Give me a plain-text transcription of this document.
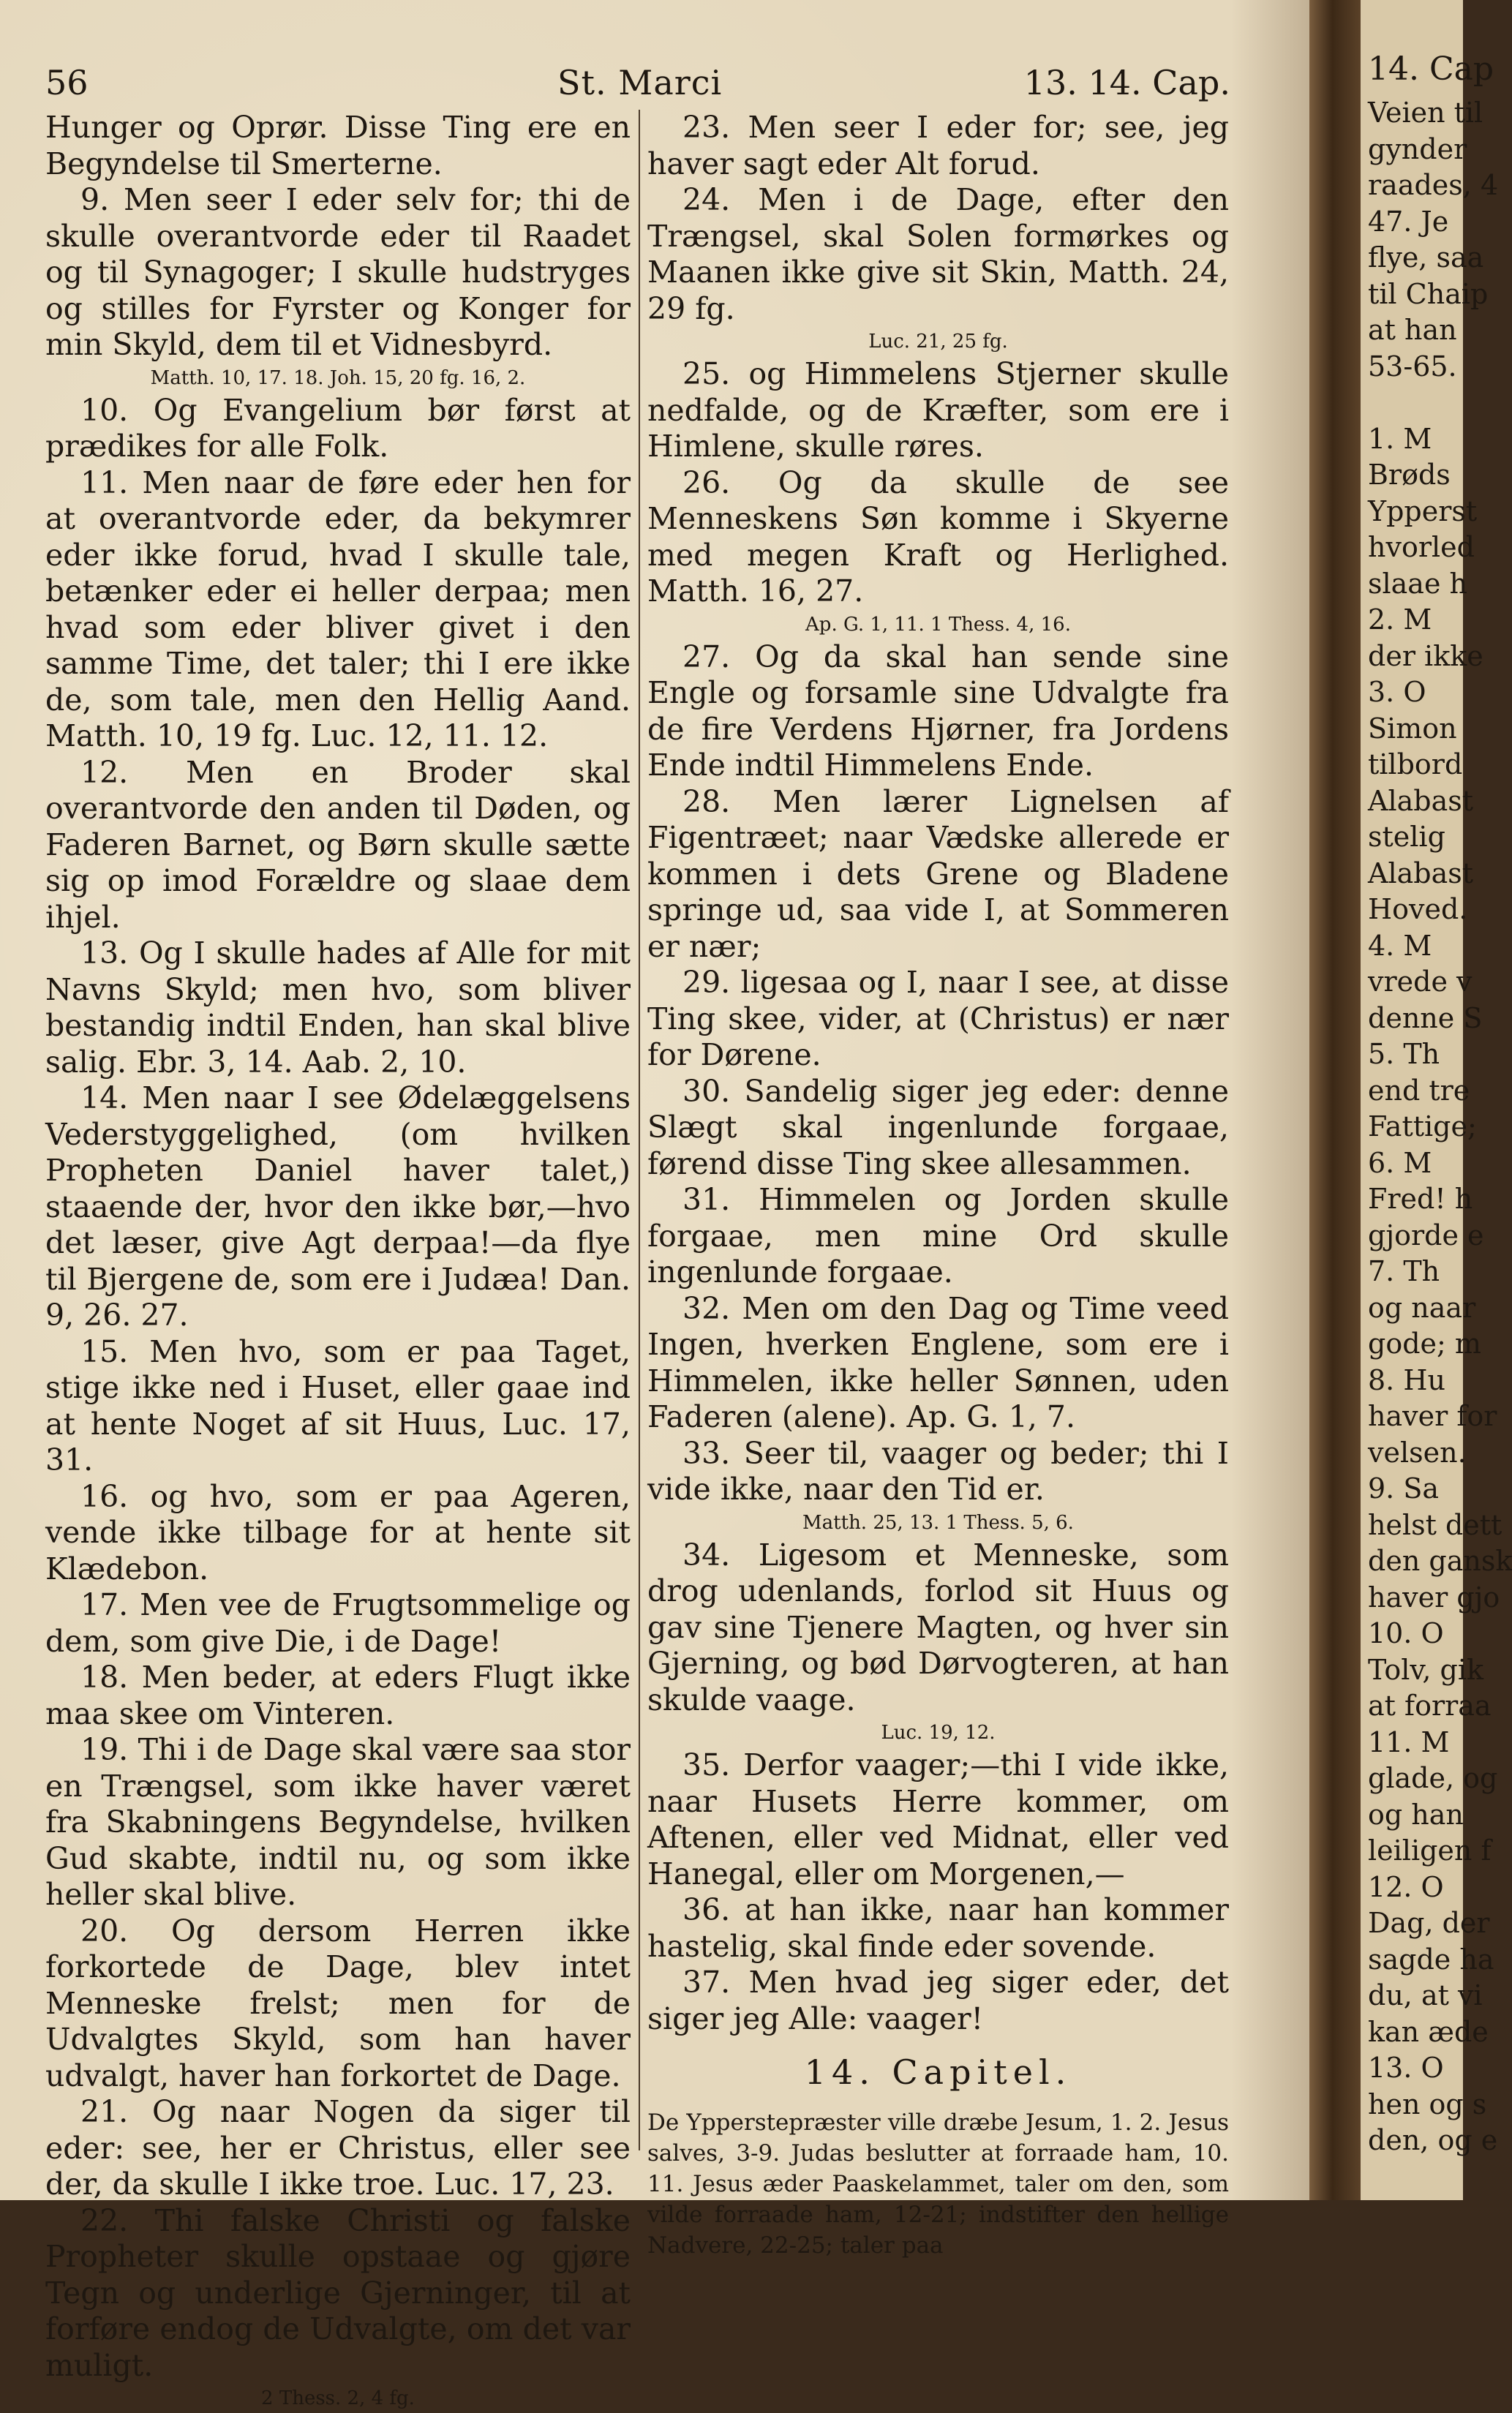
56	St. Marci	13. 14. Cap.

Hunger og Oprør. Disse Ting ere en Begyndelse til Smerterne.

9. Men seer I eder selv for; thi de skulle overantvorde eder til Raadet og til Synagoger; I skulle hudstryges og stilles for Fyrster og Konger for min Skyld, dem til et Vidnesbyrd.

Matth. 10, 17. 18. Joh. 15, 20 fg. 16, 2.

10. Og Evangelium bør først at prædikes for alle Folk.

11. Men naar de føre eder hen for at overantvorde eder, da bekymrer eder ikke forud, hvad I skulle tale, betænker eder ei heller derpaa; men hvad som eder bliver givet i den samme Time, det taler; thi I ere ikke de, som tale, men den Hellig Aand. Matth. 10, 19 fg. Luc. 12, 11. 12.

12. Men en Broder skal overantvorde den anden til Døden, og Faderen Barnet, og Børn skulle sætte sig op imod Forældre og slaae dem ihjel.

13. Og I skulle hades af Alle for mit Navns Skyld; men hvo, som bliver bestandig indtil Enden, han skal blive salig. Ebr. 3, 14. Aab. 2, 10.

14. Men naar I see Ødelæggelsens Vederstyggelighed, (om hvilken Propheten Daniel haver talet,) staaende der, hvor den ikke bør,—hvo det læser, give Agt derpaa!—da flye til Bjergene de, som ere i Judæa! Dan. 9, 26. 27.

15. Men hvo, som er paa Taget, stige ikke ned i Huset, eller gaae ind at hente Noget af sit Huus, Luc. 17, 31.

16. og hvo, som er paa Ageren, vende ikke tilbage for at hente sit Klædebon.

17. Men vee de Frugtsommelige og dem, som give Die, i de Dage!

18. Men beder, at eders Flugt ikke maa skee om Vinteren.

19. Thi i de Dage skal være saa stor en Trængsel, som ikke haver været fra Skabningens Begyndelse, hvilken Gud skabte, indtil nu, og som ikke heller skal blive.

20. Og dersom Herren ikke forkortede de Dage, blev intet Menneske frelst; men for de Udvalgtes Skyld, som han haver udvalgt, haver han forkortet de Dage.

21. Og naar Nogen da siger til eder: see, her er Christus, eller see der, da skulle I ikke troe. Luc. 17, 23.

22. Thi falske Christi og falske Propheter skulle opstaae og gjøre Tegn og underlige Gjerninger, til at forføre endog de Udvalgte, om det var muligt.

2 Thess. 2, 4 fg.

23. Men seer I eder for; see, jeg haver sagt eder Alt forud.

24. Men i de Dage, efter den Trængsel, skal Solen formørkes og Maanen ikke give sit Skin, Matth. 24, 29 fg.

Luc. 21, 25 fg.

25. og Himmelens Stjerner skulle nedfalde, og de Kræfter, som ere i Himlene, skulle røres.

26. Og da skulle de see Menneskens Søn komme i Skyerne med megen Kraft og Herlighed. Matth. 16, 27.

Ap. G. 1, 11. 1 Thess. 4, 16.

27. Og da skal han sende sine Engle og forsamle sine Udvalgte fra de fire Verdens Hjørner, fra Jordens Ende indtil Himmelens Ende.

28. Men lærer Lignelsen af Figentræet; naar Vædske allerede er kommen i dets Grene og Bladene springe ud, saa vide I, at Sommeren er nær;

29. ligesaa og I, naar I see, at disse Ting skee, vider, at (Christus) er nær for Dørene.

30. Sandelig siger jeg eder: denne Slægt skal ingenlunde forgaae, førend disse Ting skee allesammen.

31. Himmelen og Jorden skulle forgaae, men mine Ord skulle ingenlunde forgaae.

32. Men om den Dag og Time veed Ingen, hverken Englene, som ere i Himmelen, ikke heller Sønnen, uden Faderen (alene). Ap. G. 1, 7.

33. Seer til, vaager og beder; thi I vide ikke, naar den Tid er.

Matth. 25, 13. 1 Thess. 5, 6.

34. Ligesom et Menneske, som drog udenlands, forlod sit Huus og gav sine Tjenere Magten, og hver sin Gjerning, og bød Dørvogteren, at han skulde vaage.

Luc. 19, 12.

35. Derfor vaager;—thi I vide ikke, naar Husets Herre kommer, om Aftenen, eller ved Midnat, eller ved Hanegal, eller om Morgenen,—

36. at han ikke, naar han kommer hastelig, skal finde eder sovende.

37. Men hvad jeg siger eder, det siger jeg Alle: vaager!

14. Capitel.

De Ypperstepræster ville dræbe Jesum, 1. 2. Jesus salves, 3-9. Judas beslutter at forraade ham, 10. 11. Jesus æder Paaskelammet, taler om den, som vilde forraade ham, 12-21; indstifter den hellige Nadvere, 22-25; taler paa

14. Cap
Veien til
gynder
raades, 4
47. Je
flye, saa
til Chaip
at han
53-65.

1. M
Brøds
Ypperst
hvorled
slaae h
2. M
der ikke
3. O
Simon
tilbord
Alabast
stelig
Alabast
Hoved.
4. M
vrede v
denne S
5. Th
end tre
Fattige;
6. M
Fred! h
gjorde e
7. Th
og naar
gode; m
8. Hu
haver for
velsen.
9. Sa
helst dett
den gansk
haver gjo
10. O
Tolv, gik
at forraa
11. M
glade, og
og han
leiligen f
12. O
Dag, der
sagde ha
du, at vi
kan æde
13. O
hen og s
den, og e
